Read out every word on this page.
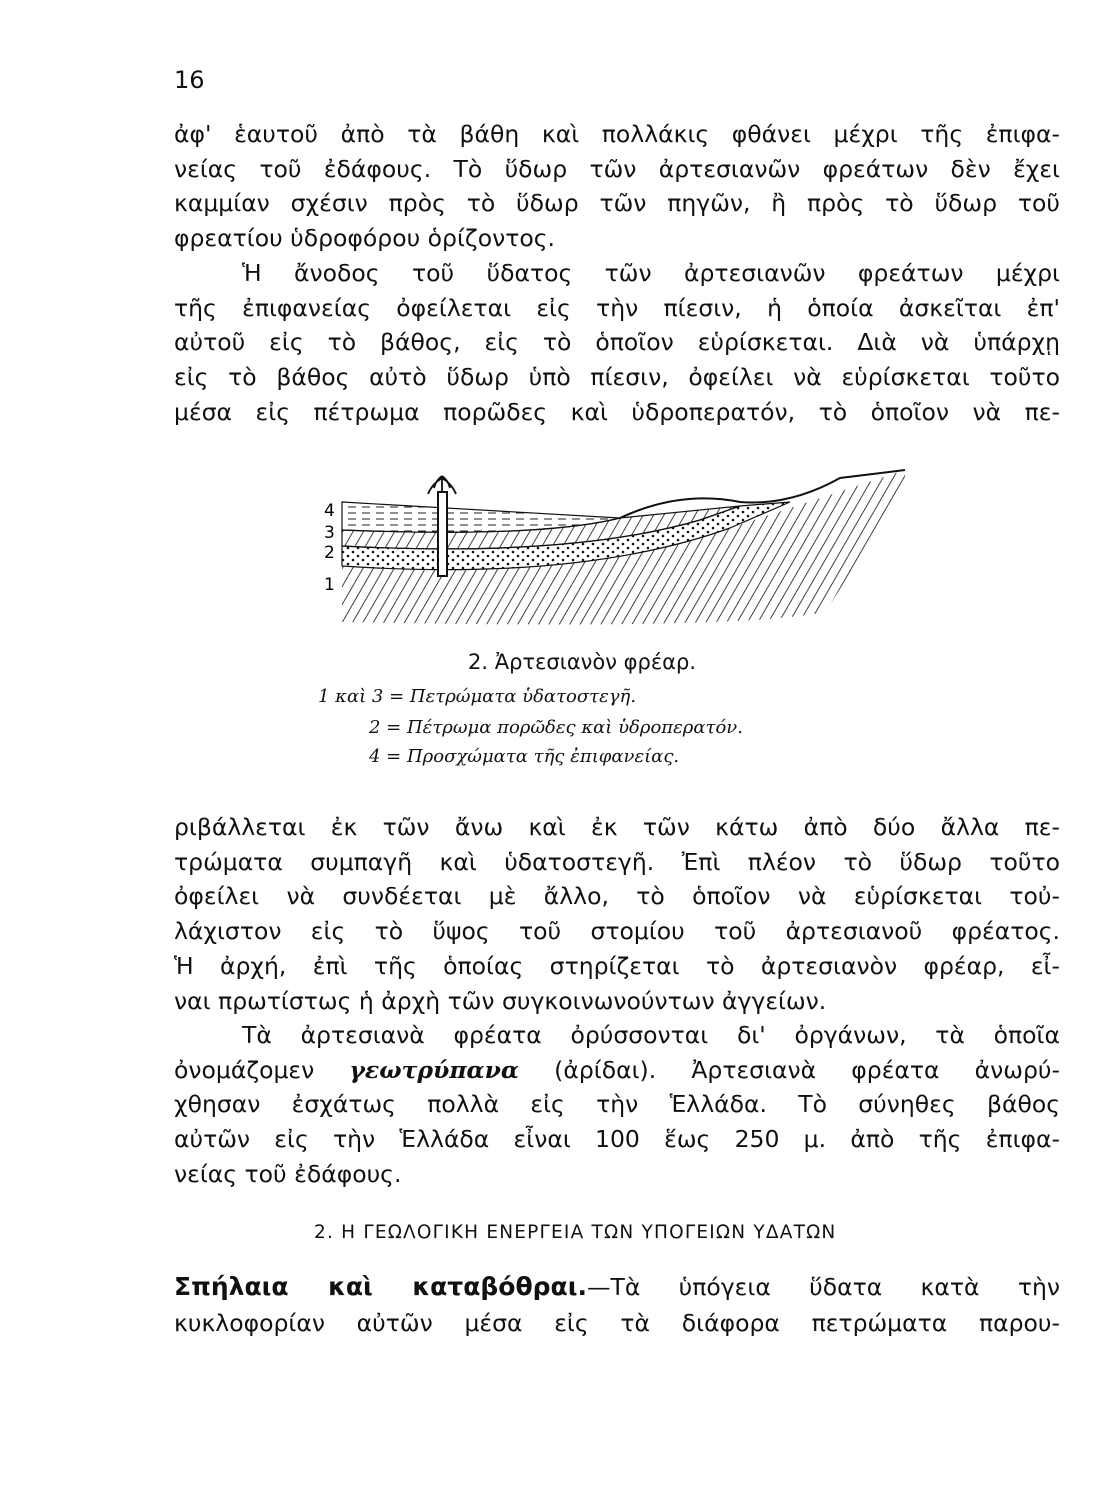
16
ἀφ' ἑαυτοῦ ἀπὸ τὰ βάθη καὶ πολλάκις φθάνει μέχρι τῆς ἐπιφα-
νείας τοῦ ἐδάφους. Τὸ ὕδωρ τῶν ἀρτεσιανῶν φρεάτων δὲν ἔχει
καμμίαν σχέσιν πρὸς τὸ ὕδωρ τῶν πηγῶν, ἢ πρὸς τὸ ὕδωρ τοῦ
φρεατίου ὑδροφόρου ὁρίζοντος.
Ἡ ἄνοδος τοῦ ὕδατος τῶν ἀρτεσιανῶν φρεάτων μέχρι
τῆς ἐπιφανείας ὀφείλεται εἰς τὴν πίεσιν, ἡ ὁποία ἀσκεῖται ἐπ'
αὐτοῦ εἰς τὸ βάθος, εἰς τὸ ὁποῖον εὑρίσκεται. Διὰ νὰ ὑπάρχῃ
εἰς τὸ βάθος αὐτὸ ὕδωρ ὑπὸ πίεσιν, ὀφείλει νὰ εὑρίσκεται τοῦτο
μέσα εἰς πέτρωμα πορῶδες καὶ ὑδροπερατόν, τὸ ὁποῖον νὰ πε-
4
3
2
1
2. Ἀρτεσιανὸν φρέαρ.
1 καὶ 3 = Πετρώματα ὑδατοστεγῆ.
2 = Πέτρωμα πορῶδες καὶ ὑδροπερατόν.
4 = Προσχώματα τῆς ἐπιφανείας.
ριβάλλεται ἐκ τῶν ἄνω καὶ ἐκ τῶν κάτω ἀπὸ δύο ἄλλα πε-
τρώματα συμπαγῆ καὶ ὑδατοστεγῆ. Ἐπὶ πλέον τὸ ὕδωρ τοῦτο
ὀφείλει νὰ συνδέεται μὲ ἄλλο, τὸ ὁποῖον νὰ εὑρίσκεται τοὐ-
λάχιστον εἰς τὸ ὕψος τοῦ στομίου τοῦ ἀρτεσιανοῦ φρέατος.
Ἡ ἀρχή, ἐπὶ τῆς ὁποίας στηρίζεται τὸ ἀρτεσιανὸν φρέαρ, εἶ-
ναι πρωτίστως ἡ ἀρχὴ τῶν συγκοινωνούντων ἀγγείων.
Τὰ ἀρτεσιανὰ φρέατα ὀρύσσονται δι' ὀργάνων, τὰ ὁποῖα
ὀνομάζομεν γεωτρύπανα (ἀρίδαι). Ἀρτεσιανὰ φρέατα ἀνωρύ-
χθησαν ἐσχάτως πολλὰ εἰς τὴν Ἑλλάδα. Τὸ σύνηθες βάθος
αὐτῶν εἰς τὴν Ἑλλάδα εἶναι 100 ἕως 250 μ. ἀπὸ τῆς ἐπιφα-
νείας τοῦ ἐδάφους.
2. Η ΓΕΩΛΟΓΙΚΗ ΕΝΕΡΓΕΙΑ ΤΩΝ ΥΠΟΓΕΙΩΝ ΥΔΑΤΩΝ
Σπήλαια καὶ καταβόθραι.—Τὰ ὑπόγεια ὕδατα κατὰ τὴν
κυκλοφορίαν αὐτῶν μέσα εἰς τὰ διάφορα πετρώματα παρου-
